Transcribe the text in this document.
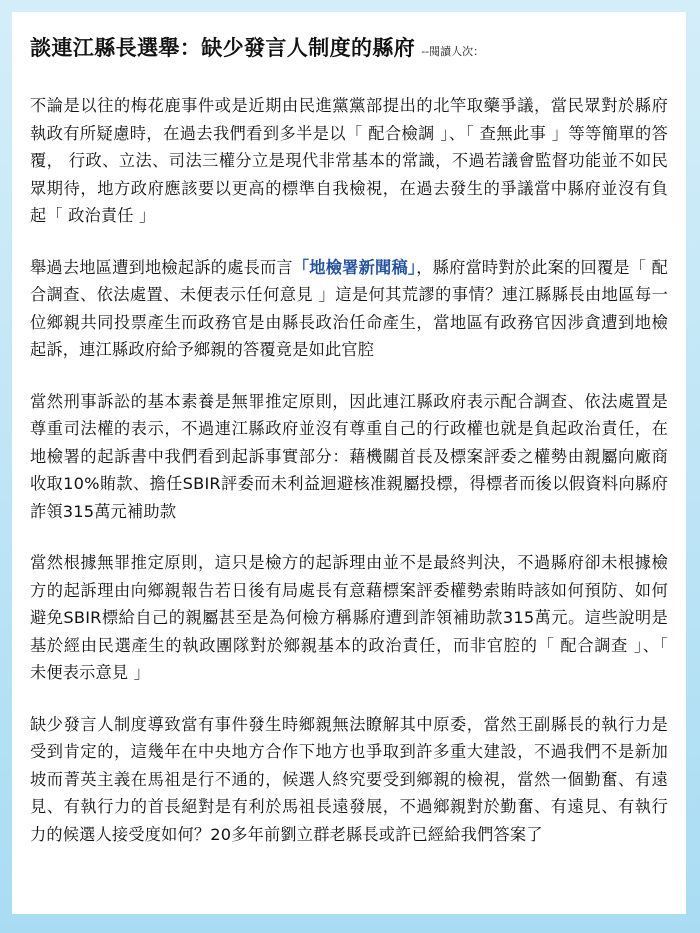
談連江縣長選舉：缺少發言人制度的縣府 --閱讀人次：

不論是以往的梅花鹿事件或是近期由民進黨黨部提出的北竿取藥爭議，當民眾對於縣府執政有所疑慮時，在過去我們看到多半是以「 配合檢調 」、「 查無此事 」等等簡單的答覆， 行政、立法、司法三權分立是現代非常基本的常識，不過若議會監督功能並不如民眾期待，地方政府應該要以更高的標準自我檢視，在過去發生的爭議當中縣府並沒有負起「 政治責任 」

舉過去地區遭到地檢起訴的處長而言「地檢署新聞稿」，縣府當時對於此案的回覆是「 配合調查、依法處置、未便表示任何意見 」這是何其荒謬的事情？連江縣縣長由地區每一位鄉親共同投票產生而政務官是由縣長政治任命產生，當地區有政務官因涉貪遭到地檢起訴，連江縣政府給予鄉親的答覆竟是如此官腔

當然刑事訴訟的基本素養是無罪推定原則，因此連江縣政府表示配合調查、依法處置是尊重司法權的表示，不過連江縣政府並沒有尊重自己的行政權也就是負起政治責任，在地檢署的起訴書中我們看到起訴事實部分：藉機關首長及標案評委之權勢由親屬向廠商收取10%賄款、擔任SBIR評委而未利益迴避核准親屬投標，得標者而後以假資料向縣府詐領315萬元補助款

當然根據無罪推定原則，這只是檢方的起訴理由並不是最終判決，不過縣府卻未根據檢方的起訴理由向鄉親報告若日後有局處長有意藉標案評委權勢索賄時該如何預防、如何避免SBIR標給自己的親屬甚至是為何檢方稱縣府遭到詐領補助款315萬元。這些說明是基於經由民選產生的執政團隊對於鄉親基本的政治責任，而非官腔的「 配合調查 」、「 未便表示意見 」

缺少發言人制度導致當有事件發生時鄉親無法瞭解其中原委，當然王副縣長的執行力是受到肯定的，這幾年在中央地方合作下地方也爭取到許多重大建設，不過我們不是新加坡而菁英主義在馬祖是行不通的，候選人終究要受到鄉親的檢視，當然一個勤奮、有遠見、有執行力的首長絕對是有利於馬祖長遠發展，不過鄉親對於勤奮、有遠見、有執行力的候選人接受度如何？20多年前劉立群老縣長或許已經給我們答案了
